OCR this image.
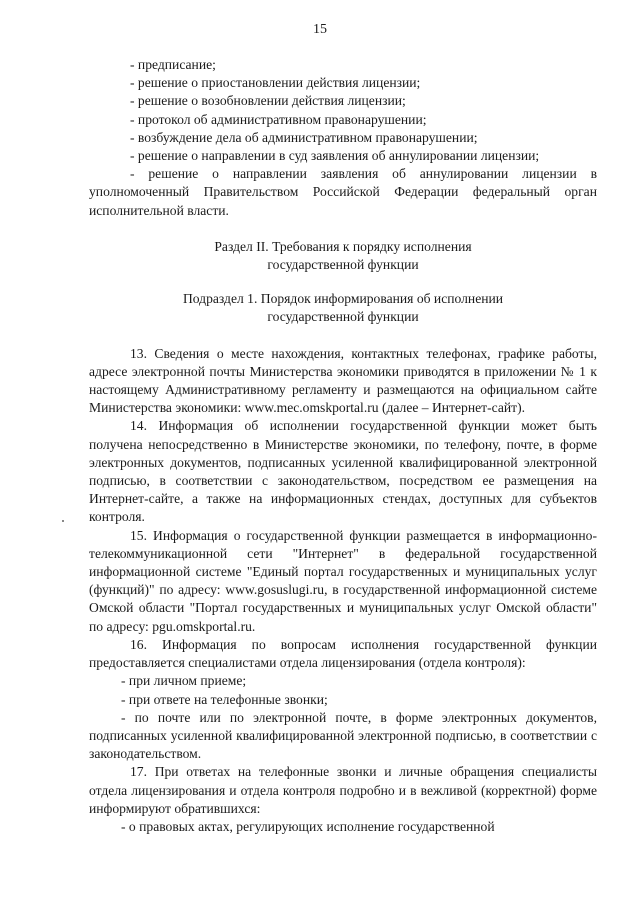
15

- предписание;

- решение о приостановлении действия лицензии;

- решение о возобновлении действия лицензии;

- протокол об административном правонарушении;

- возбуждение дела об административном правонарушении;

- решение о направлении в суд заявления об аннулировании лицензии;

- решение о направлении заявления об аннулировании лицензии в уполномоченный Правительством Российской Федерации федеральный орган исполнительной власти.

Раздел II. Требования к порядку исполнения

государственной функции

Подраздел 1. Порядок информирования об исполнении

государственной функции

13. Сведения о месте нахождения, контактных телефонах, графике работы, адресе электронной почты Министерства экономики приводятся в приложении № 1 к настоящему Административному регламенту и размещаются на официальном сайте Министерства экономики: www.mec.omskportal.ru (далее – Интернет-сайт).

14. Информация об исполнении государственной функции может быть получена непосредственно в Министерстве экономики, по телефону, почте, в форме электронных документов, подписанных усиленной квалифицированной электронной подписью, в соответствии с законодательством, посредством ее размещения на Интернет-сайте, а также на информационных стендах, доступных для субъектов контроля.

15. Информация о государственной функции размещается в информационно-телекоммуникационной сети "Интернет" в федеральной государственной информационной системе "Единый портал государственных и муниципальных услуг (функций)" по адресу: www.gosuslugi.ru, в государственной информационной системе Омской области "Портал государственных и муниципальных услуг Омской области" по адресу: pgu.omskportal.ru.

16. Информация по вопросам исполнения государственной функции предоставляется специалистами отдела лицензирования (отдела контроля):

- при личном приеме;

- при ответе на телефонные звонки;

- по почте или по электронной почте, в форме электронных документов, подписанных усиленной квалифицированной электронной подписью, в соответствии с законодательством.

17. При ответах на телефонные звонки и личные обращения специалисты отдела лицензирования и отдела контроля подробно и в вежливой (корректной) форме информируют обратившихся:

- о правовых актах, регулирующих исполнение государственной
